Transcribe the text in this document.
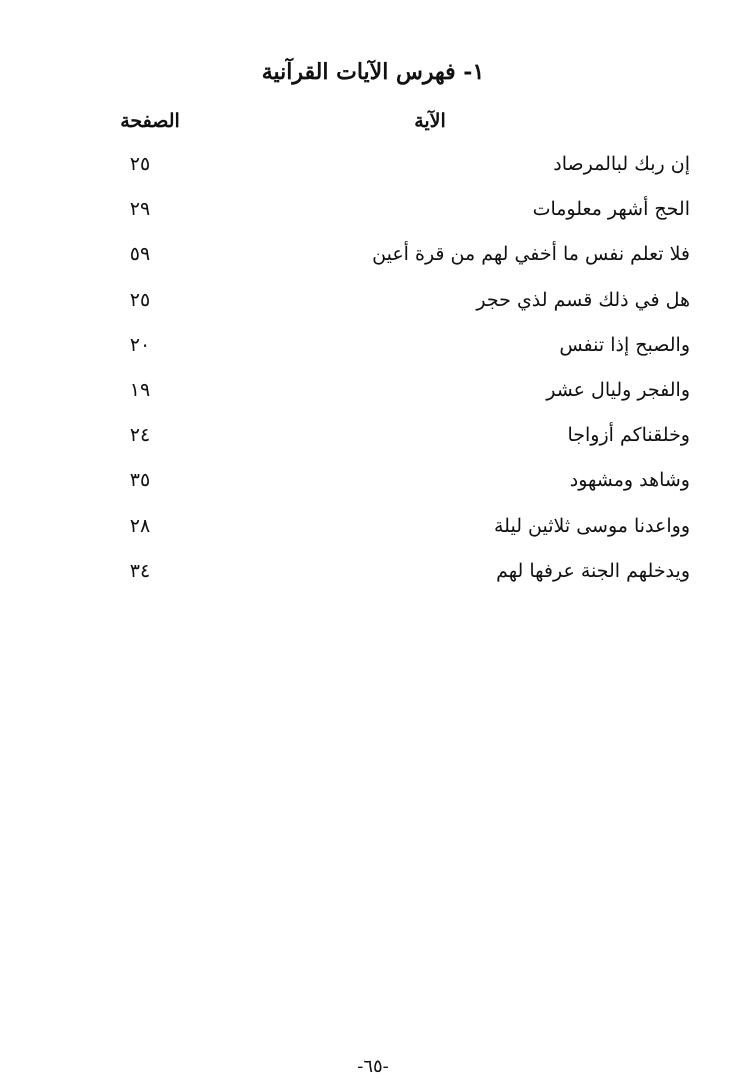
١- فهرس الآيات القرآنية
الآية
الصفحة
إن ربك لبالمرصاد
٢٥
الحج أشهر معلومات
٢٩
فلا تعلم نفس ما أخفي لهم من قرة أعين
٥٩
هل في ذلك قسم لذي حجر
٢٥
والصبح إذا تنفس
٢٠
والفجر وليال عشر
١٩
وخلقناكم أزواجا
٢٤
وشاهد ومشهود
٣٥
وواعدنا موسى ثلاثين ليلة
٢٨
ويدخلهم الجنة عرفها لهم
٣٤
-٦٥-
